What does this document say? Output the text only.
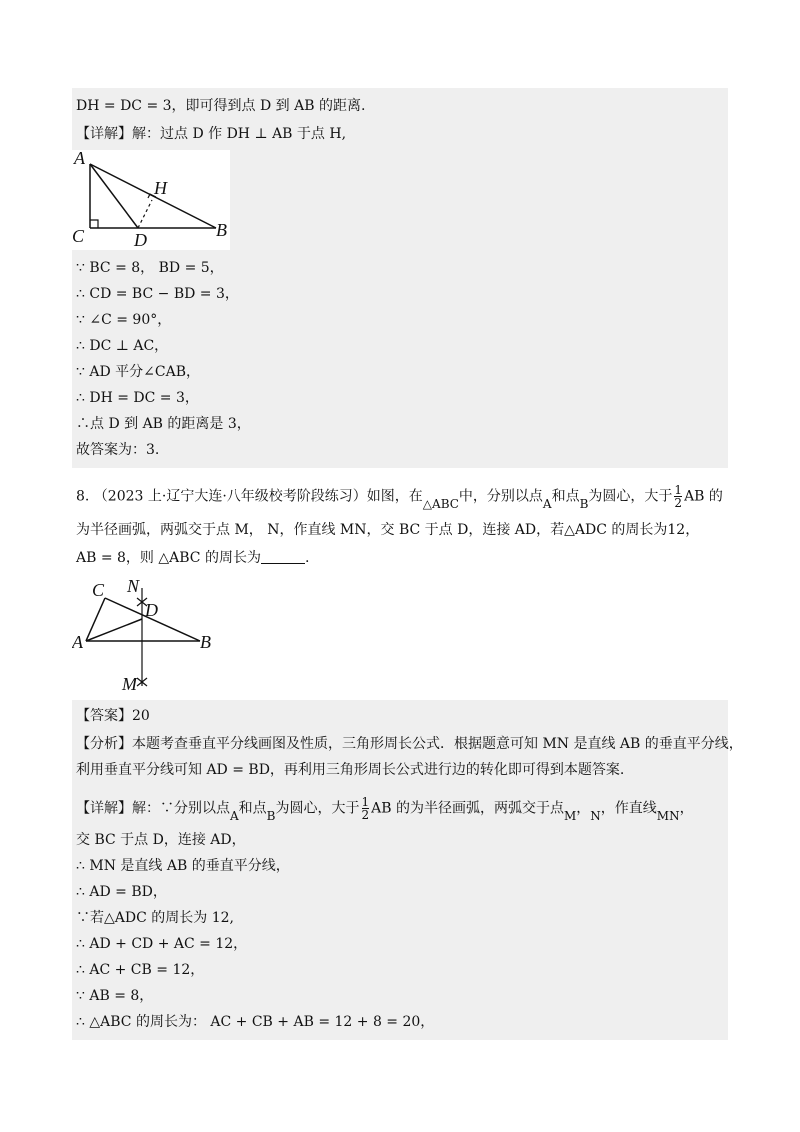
DH = DC = 3，即可得到点 D 到 AB 的距离.
【详解】解：过点 D 作 DH ⊥ AB 于点 H,
A
H
C	D	B
∵ BC = 8， BD = 5，
∴ CD = BC − BD = 3，
∵ ∠C = 90°，
∴ DC ⊥ AC，
∵ AD 平分∠CAB，
∴ DH = DC = 3，
∴点 D 到 AB 的距离是 3，
故答案为：3.
8. （2023 上·辽宁大连·八年级校考阶段练习）如图，在△ABC中，分别以点A和点B为圆心，大于 $\frac{1}{2}$ AB 的
为半径画弧，两弧交于点 M， N，作直线 MN，交 BC 于点 D，连接 AD，若△ADC 的周长为12，
AB = 8，则 △ABC 的周长为	.
C N
D
A	B
M
【答案】20
【分析】本题考查垂直平分线画图及性质，三角形周长公式．根据题意可知 MN 是直线 AB 的垂直平分线，
利用垂直平分线可知 AD = BD，再利用三角形周长公式进行边的转化即可得到本题答案.
【详解】解：∵分别以点A和点B为圆心，大于 $\frac{1}{2}$ AB 的为半径画弧，两弧交于点M，N，作直线MN，
交 BC 于点 D，连接 AD，
∴ MN 是直线 AB 的垂直平分线，
∴ AD = BD，
∵若△ADC 的周长为 12,
∴ AD + CD + AC = 12，
∴ AC + CB = 12，
∵ AB = 8，
∴ △ABC 的周长为： AC + CB + AB = 12 + 8 = 20，
